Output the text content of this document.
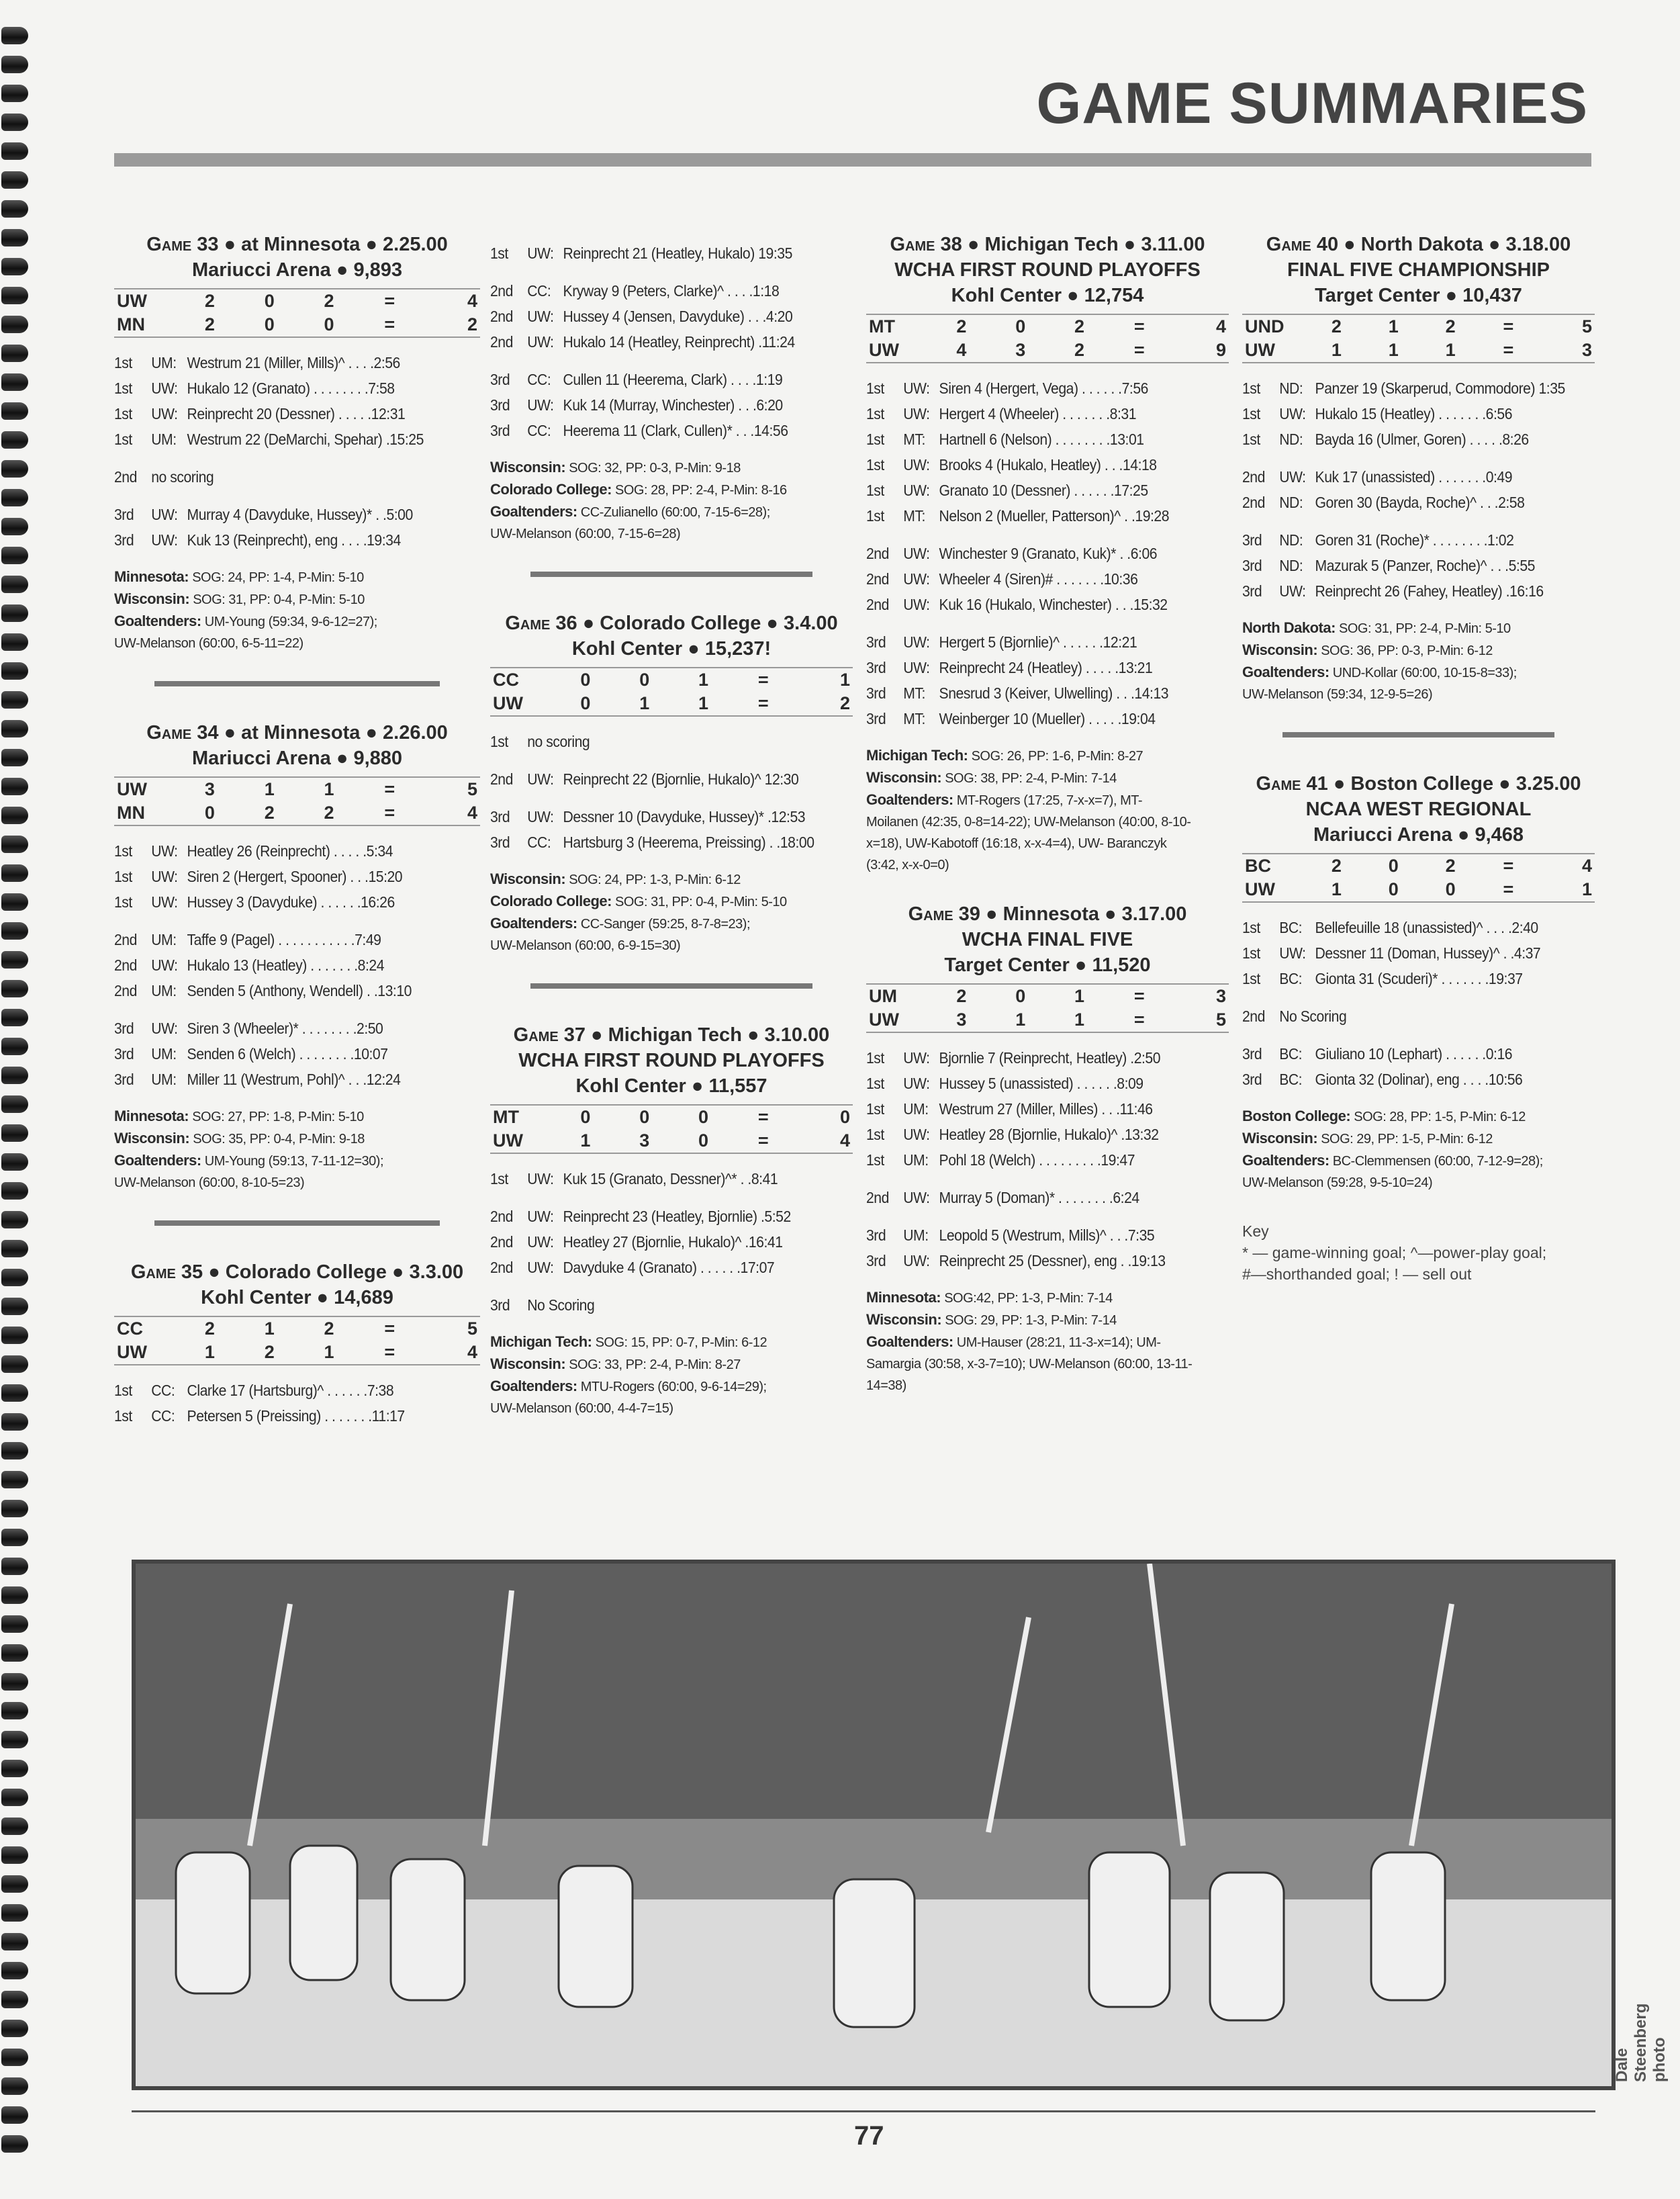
GAME SUMMARIES
Game 33 ● at Minnesota ● 2.25.00
Mariucci Arena ● 9,893
UW	2	0	2	=	4
MN	2	0	0	=	2
1st	UM: Westrum 21 (Miller, Mills)^ . . . .2:56
1st	UW: Hukalo 12 (Granato) . . . . . . . .7:58
1st	UW: Reinprecht 20 (Dessner) . . . . .12:31
1st	UM: Westrum 22 (DeMarchi, Spehar) .15:25
2nd no scoring
3rd	UW: Murray 4 (Davyduke, Hussey)* . .5:00
3rd	UW: Kuk 13 (Reinprecht), eng . . . .19:34
Minnesota: SOG: 24, PP: 1-4, P-Min: 5-10
Wisconsin: SOG: 31, PP: 0-4, P-Min: 5-10
Goaltenders: UM-Young (59:34, 9-6-12=27);
UW-Melanson (60:00, 6-5-11=22)
Game 34 ● at Minnesota ● 2.26.00
Mariucci Arena ● 9,880
UW	3	1	1	=	5
MN	0	2	2	=	4
1st	UW: Heatley 26 (Reinprecht) . . . . .5:34
1st	UW: Siren 2 (Hergert, Spooner) . . .15:20
1st	UW: Hussey 3 (Davyduke) . . . . . .16:26
2nd UM: Taffe 9 (Pagel) . . . . . . . . . . .7:49
2nd UW: Hukalo 13 (Heatley) . . . . . . .8:24
2nd UM: Senden 5 (Anthony, Wendell) . .13:10
3rd	UW: Siren 3 (Wheeler)* . . . . . . . .2:50
3rd	UM: Senden 6 (Welch) . . . . . . . .10:07
3rd	UM: Miller 11 (Westrum, Pohl)^ . . .12:24
Minnesota: SOG: 27, PP: 1-8, P-Min: 5-10
Wisconsin: SOG: 35, PP: 0-4, P-Min: 9-18
Goaltenders: UM-Young (59:13, 7-11-12=30);
UW-Melanson (60:00, 8-10-5=23)
Game 35 ● Colorado College ● 3.3.00
Kohl Center ● 14,689
CC	2	1	2	=	5
UW	1	2	1	=	4
1st	CC: Clarke 17 (Hartsburg)^ . . . . . .7:38
1st	CC: Petersen 5 (Preissing) . . . . . . .11:17
1st	UW: Reinprecht 21 (Heatley, Hukalo) 19:35
2nd CC: Kryway 9 (Peters, Clarke)^ . . . .1:18
2nd UW: Hussey 4 (Jensen, Davyduke) . . .4:20
2nd UW: Hukalo 14 (Heatley, Reinprecht) .11:24
3rd	CC: Cullen 11 (Heerema, Clark) . . . .1:19
3rd	UW: Kuk 14 (Murray, Winchester) . . .6:20
3rd	CC: Heerema 11 (Clark, Cullen)* . . .14:56
Wisconsin: SOG: 32, PP: 0-3, P-Min: 9-18
Colorado College: SOG: 28, PP: 2-4, P-Min: 8-16
Goaltenders: CC-Zulianello (60:00, 7-15-6=28);
UW-Melanson (60:00, 7-15-6=28)
Game 36 ● Colorado College ● 3.4.00
Kohl Center ● 15,237!
CC	0	0	1	=	1
UW	0	1	1	=	2
1st	no scoring
2nd UW: Reinprecht 22 (Bjornlie, Hukalo)^ 12:30
3rd	UW: Dessner 10 (Davyduke, Hussey)* .12:53
3rd	CC: Hartsburg 3 (Heerema, Preissing) . .18:00
Wisconsin: SOG: 24, PP: 1-3, P-Min: 6-12
Colorado College: SOG: 31, PP: 0-4, P-Min: 5-10
Goaltenders: CC-Sanger (59:25, 8-7-8=23);
UW-Melanson (60:00, 6-9-15=30)
Game 37 ● Michigan Tech ● 3.10.00
WCHA FIRST ROUND PLAYOFFS
Kohl Center ● 11,557
MT	0	0	0	=	0
UW	1	3	0	=	4
1st	UW: Kuk 15 (Granato, Dessner)^* . .8:41
2nd UW: Reinprecht 23 (Heatley, Bjornlie) .5:52
2nd UW: Heatley 27 (Bjornlie, Hukalo)^ .16:41
2nd UW: Davyduke 4 (Granato) . . . . . .17:07
3rd	No Scoring
Michigan Tech: SOG: 15, PP: 0-7, P-Min: 6-12
Wisconsin: SOG: 33, PP: 2-4, P-Min: 8-27
Goaltenders: MTU-Rogers (60:00, 9-6-14=29);
UW-Melanson (60:00, 4-4-7=15)
Game 38 ● Michigan Tech ● 3.11.00
WCHA FIRST ROUND PLAYOFFS
Kohl Center ● 12,754
MT	2	0	2	=	4
UW	4	3	2	=	9
1st	UW: Siren 4 (Hergert, Vega) . . . . . .7:56
1st	UW: Hergert 4 (Wheeler) . . . . . . .8:31
1st	MT: Hartnell 6 (Nelson) . . . . . . . .13:01
1st	UW: Brooks 4 (Hukalo, Heatley) . . .14:18
1st	UW: Granato 10 (Dessner) . . . . . .17:25
1st	MT: Nelson 2 (Mueller, Patterson)^ . .19:28
2nd UW: Winchester 9 (Granato, Kuk)* . .6:06
2nd UW: Wheeler 4 (Siren)# . . . . . . .10:36
2nd UW: Kuk 16 (Hukalo, Winchester) . . .15:32
3rd	UW: Hergert 5 (Bjornlie)^ . . . . . .12:21
3rd	UW: Reinprecht 24 (Heatley) . . . . .13:21
3rd	MT: Snesrud 3 (Keiver, Ulwelling) . . .14:13
3rd	MT: Weinberger 10 (Mueller) . . . . .19:04
Michigan Tech: SOG: 26, PP: 1-6, P-Min: 8-27
Wisconsin: SOG: 38, PP: 2-4, P-Min: 7-14
Goaltenders: MT-Rogers (17:25, 7-x-x=7), MT-
Moilanen (42:35, 0-8=14-22); UW-Melanson (40:00, 8-10-
x=18), UW-Kabotoff (16:18, x-x-4=4), UW- Baranczyk
(3:42, x-x-0=0)
Game 39 ● Minnesota ● 3.17.00
WCHA FINAL FIVE
Target Center ● 11,520
UM	2	0	1	=	3
UW	3	1	1	=	5
1st	UW: Bjornlie 7 (Reinprecht, Heatley) .2:50
1st	UW: Hussey 5 (unassisted) . . . . . .8:09
1st	UM: Westrum 27 (Miller, Milles) . . .11:46
1st	UW: Heatley 28 (Bjornlie, Hukalo)^ .13:32
1st	UM: Pohl 18 (Welch) . . . . . . . . .19:47
2nd UW: Murray 5 (Doman)* . . . . . . . .6:24
3rd	UM: Leopold 5 (Westrum, Mills)^ . . .7:35
3rd	UW: Reinprecht 25 (Dessner), eng . .19:13
Minnesota: SOG:42, PP: 1-3, P-Min: 7-14
Wisconsin: SOG: 29, PP: 1-3, P-Min: 7-14
Goaltenders: UM-Hauser (28:21, 11-3-x=14); UM-
Samargia (30:58, x-3-7=10); UW-Melanson (60:00, 13-11-
14=38)
Game 40 ● North Dakota ● 3.18.00
FINAL FIVE CHAMPIONSHIP
Target Center ● 10,437
UND	2	1	2	=	5
UW	1	1	1	=	3
1st	ND: Panzer 19 (Skarperud, Commodore) 1:35
1st	UW: Hukalo 15 (Heatley) . . . . . . .6:56
1st	ND: Bayda 16 (Ulmer, Goren) . . . . .8:26
2nd UW: Kuk 17 (unassisted) . . . . . . .0:49
2nd ND: Goren 30 (Bayda, Roche)^ . . .2:58
3rd	ND: Goren 31 (Roche)* . . . . . . . .1:02
3rd	ND: Mazurak 5 (Panzer, Roche)^ . . .5:55
3rd	UW: Reinprecht 26 (Fahey, Heatley) .16:16
North Dakota: SOG: 31, PP: 2-4, P-Min: 5-10
Wisconsin: SOG: 36, PP: 0-3, P-Min: 6-12
Goaltenders: UND-Kollar (60:00, 10-15-8=33);
UW-Melanson (59:34, 12-9-5=26)
Game 41 ● Boston College ● 3.25.00
NCAA WEST REGIONAL
Mariucci Arena ● 9,468
BC	2	0	2	=	4
UW	1	0	0	=	1
1st	BC: Bellefeuille 18 (unassisted)^ . . . .2:40
1st	UW: Dessner 11 (Doman, Hussey)^ . .4:37
1st	BC: Gionta 31 (Scuderi)* . . . . . . .19:37
2nd No Scoring
3rd	BC: Giuliano 10 (Lephart) . . . . . .0:16
3rd	BC: Gionta 32 (Dolinar), eng . . . .10:56
Boston College: SOG: 28, PP: 1-5, P-Min: 6-12
Wisconsin: SOG: 29, PP: 1-5, P-Min: 6-12
Goaltenders: BC-Clemmensen (60:00, 7-12-9=28);
UW-Melanson (59:28, 9-5-10=24)
Key
* — game-winning goal; ^—power-play goal;
#—shorthanded goal; ! — sell out
Dale Steenberg photo
77
